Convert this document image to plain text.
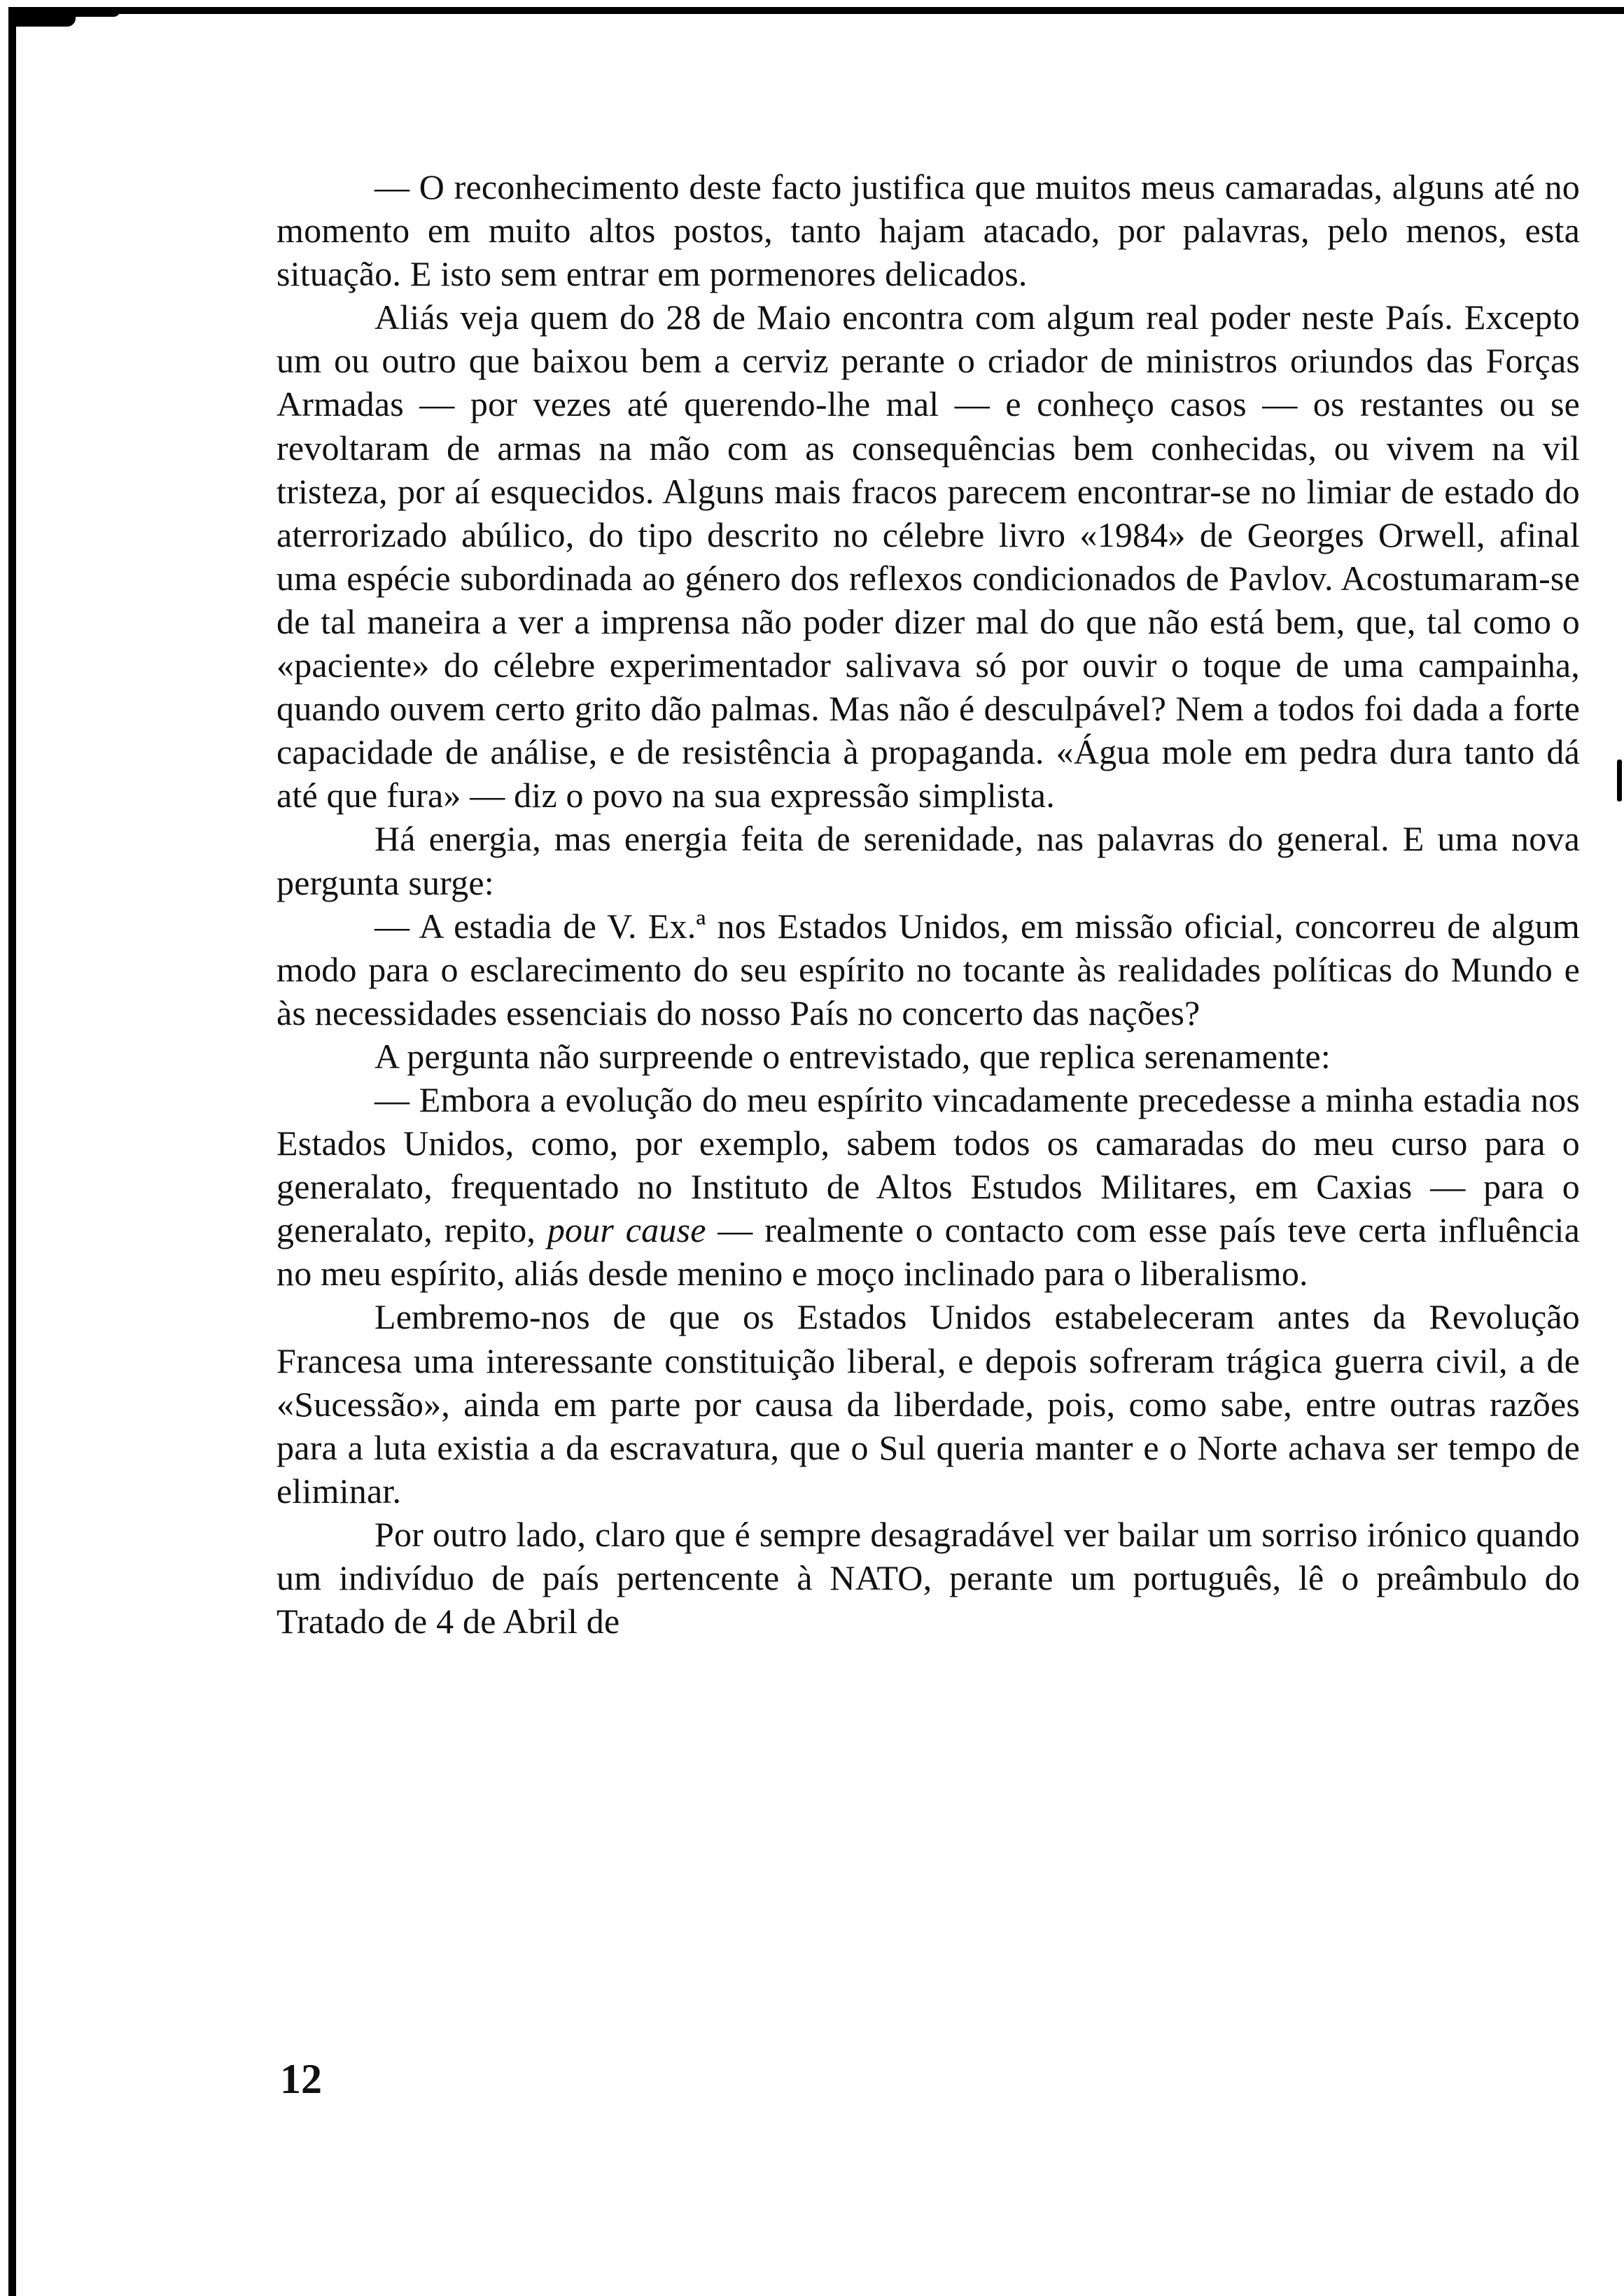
— O reconhecimento deste facto justifica que muitos meus camaradas, alguns até no momento em muito altos postos, tanto hajam atacado, por palavras, pelo menos, esta situação. E isto sem entrar em pormenores delicados.

Aliás veja quem do 28 de Maio encontra com algum real poder neste País. Excepto um ou outro que baixou bem a cerviz perante o criador de ministros oriundos das Forças Armadas — por vezes até querendo-lhe mal — e conheço casos — os restantes ou se revoltaram de armas na mão com as consequências bem conhecidas, ou vivem na vil tristeza, por aí esquecidos. Alguns mais fracos parecem encontrar-se no limiar de estado do aterrorizado abúlico, do tipo descrito no célebre livro «1984» de Georges Orwell, afinal uma espécie subordinada ao género dos reflexos condicionados de Pavlov. Acostumaram-se de tal maneira a ver a imprensa não poder dizer mal do que não está bem, que, tal como o «paciente» do célebre experimentador salivava só por ouvir o toque de uma campainha, quando ouvem certo grito dão palmas. Mas não é desculpável? Nem a todos foi dada a forte capacidade de análise, e de resistência à propaganda. «Água mole em pedra dura tanto dá até que fura» — diz o povo na sua expressão simplista.

Há energia, mas energia feita de serenidade, nas palavras do general. E uma nova pergunta surge:

— A estadia de V. Ex.ª nos Estados Unidos, em missão oficial, concorreu de algum modo para o esclarecimento do seu espírito no tocante às realidades políticas do Mundo e às necessidades essenciais do nosso País no concerto das nações?

A pergunta não surpreende o entrevistado, que replica serenamente:

— Embora a evolução do meu espírito vincadamente precedesse a minha estadia nos Estados Unidos, como, por exemplo, sabem todos os camaradas do meu curso para o generalato, frequentado no Instituto de Altos Estudos Militares, em Caxias — para o generalato, repito, pour cause — realmente o contacto com esse país teve certa influência no meu espírito, aliás desde menino e moço inclinado para o liberalismo.

Lembremo-nos de que os Estados Unidos estabeleceram antes da Revolução Francesa uma interessante constituição liberal, e depois sofreram trágica guerra civil, a de «Sucessão», ainda em parte por causa da liberdade, pois, como sabe, entre outras razões para a luta existia a da escravatura, que o Sul queria manter e o Norte achava ser tempo de eliminar.

Por outro lado, claro que é sempre desagradável ver bailar um sorriso irónico quando um indivíduo de país pertencente à NATO, perante um português, lê o preâmbulo do Tratado de 4 de Abril de

12
